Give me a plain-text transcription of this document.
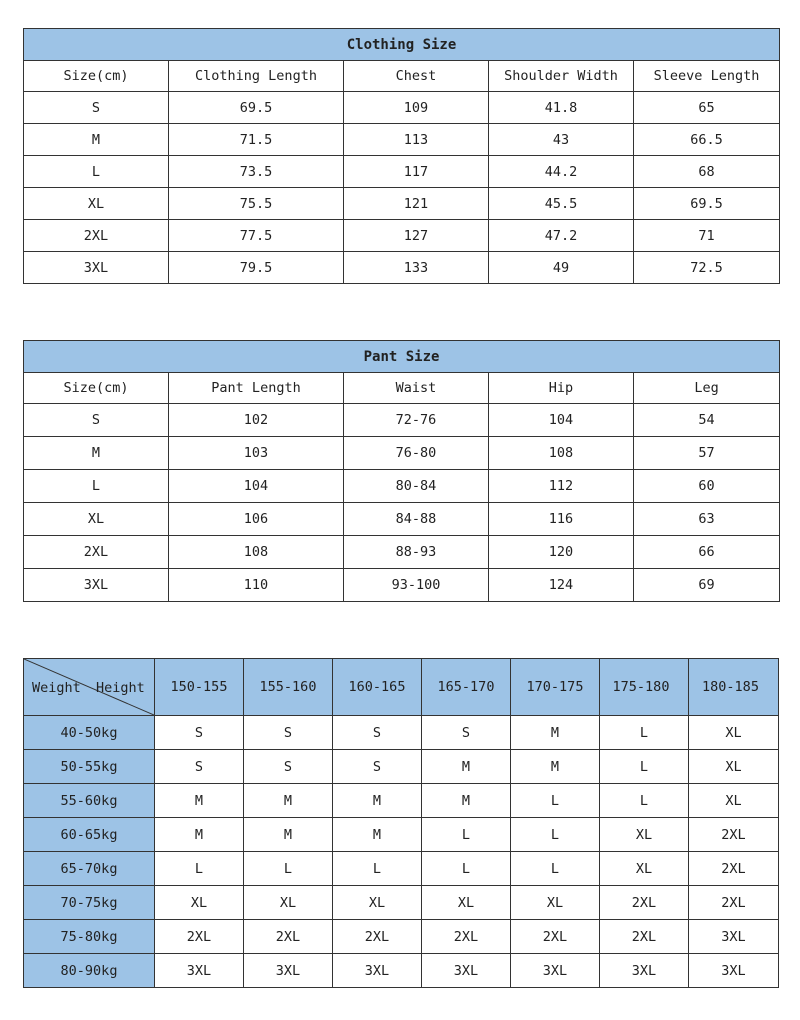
Clothing Size				
Size(cm)	Clothing Length	Chest	Shoulder Width	Sleeve Length
S	69.5	109	41.8	65
M	71.5	113	43	66.5
L	73.5	117	44.2	68
XL	75.5	121	45.5	69.5
2XL	77.5	127	47.2	71
3XL	79.5	133	49	72.5
Pant Size				
Size(cm)	Pant Length	Waist	Hip	Leg
S	102	72-76	104	54
M	103	76-80	108	57
L	104	80-84	112	60
XL	106	84-88	116	63
2XL	108	88-93	120	66
3XL	110	93-100	124	69
Weight Height	150-155	155-160	160-165	165-170	170-175	175-180	180-185
40-50kg	S	S	S	S	M	L	XL
50-55kg	S	S	S	M	M	L	XL
55-60kg	M	M	M	M	L	L	XL
60-65kg	M	M	M	L	L	XL	2XL
65-70kg	L	L	L	L	L	XL	2XL
70-75kg	XL	XL	XL	XL	XL	2XL	2XL
75-80kg	2XL	2XL	2XL	2XL	2XL	2XL	3XL
80-90kg	3XL	3XL	3XL	3XL	3XL	3XL	3XL
